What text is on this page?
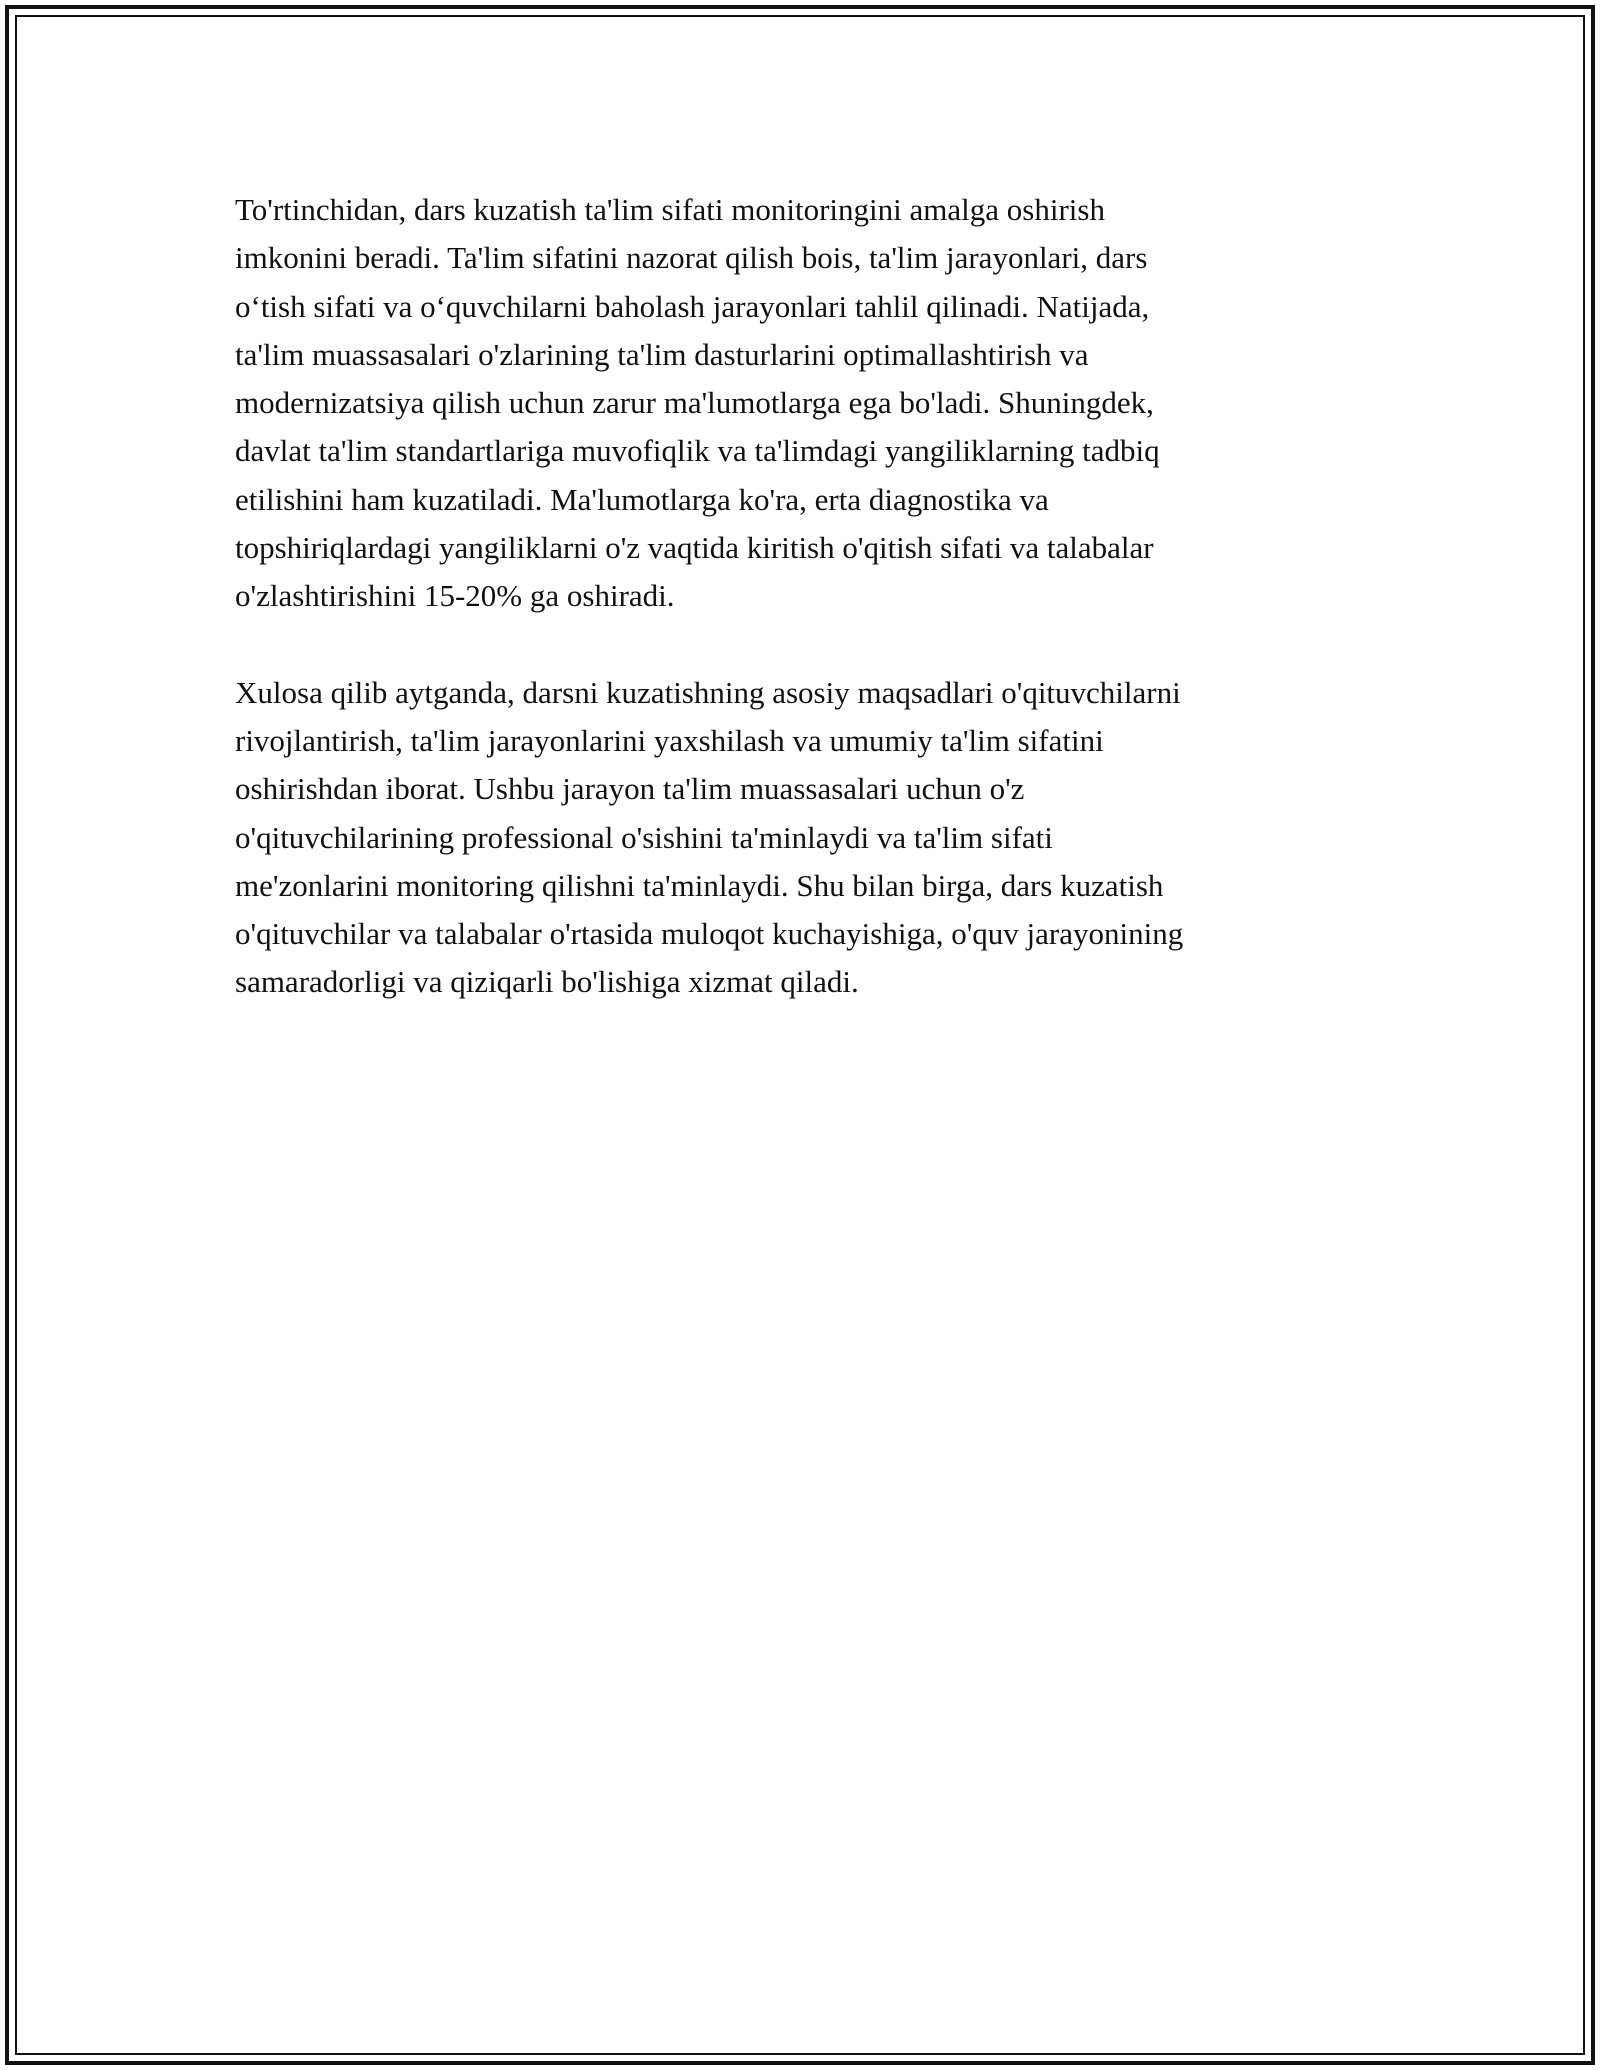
To'rtinchidan, dars kuzatish ta'lim sifati monitoringini amalga oshirish
imkonini beradi. Ta'lim sifatini nazorat qilish bois, ta'lim jarayonlari, dars
o‘tish sifati va o‘quvchilarni baholash jarayonlari tahlil qilinadi. Natijada,
ta'lim muassasalari o'zlarining ta'lim dasturlarini optimallashtirish va
modernizatsiya qilish uchun zarur ma'lumotlarga ega bo'ladi. Shuningdek,
davlat ta'lim standartlariga muvofiqlik va ta'limdagi yangiliklarning tadbiq
etilishini ham kuzatiladi. Ma'lumotlarga ko'ra, erta diagnostika va
topshiriqlardagi yangiliklarni o'z vaqtida kiritish o'qitish sifati va talabalar
o'zlashtirishini 15-20% ga oshiradi.

Xulosa qilib aytganda, darsni kuzatishning asosiy maqsadlari o'qituvchilarni
rivojlantirish, ta'lim jarayonlarini yaxshilash va umumiy ta'lim sifatini
oshirishdan iborat. Ushbu jarayon ta'lim muassasalari uchun o'z
o'qituvchilarining professional o'sishini ta'minlaydi va ta'lim sifati
me'zonlarini monitoring qilishni ta'minlaydi. Shu bilan birga, dars kuzatish
o'qituvchilar va talabalar o'rtasida muloqot kuchayishiga, o'quv jarayonining
samaradorligi va qiziqarli bo'lishiga xizmat qiladi.
